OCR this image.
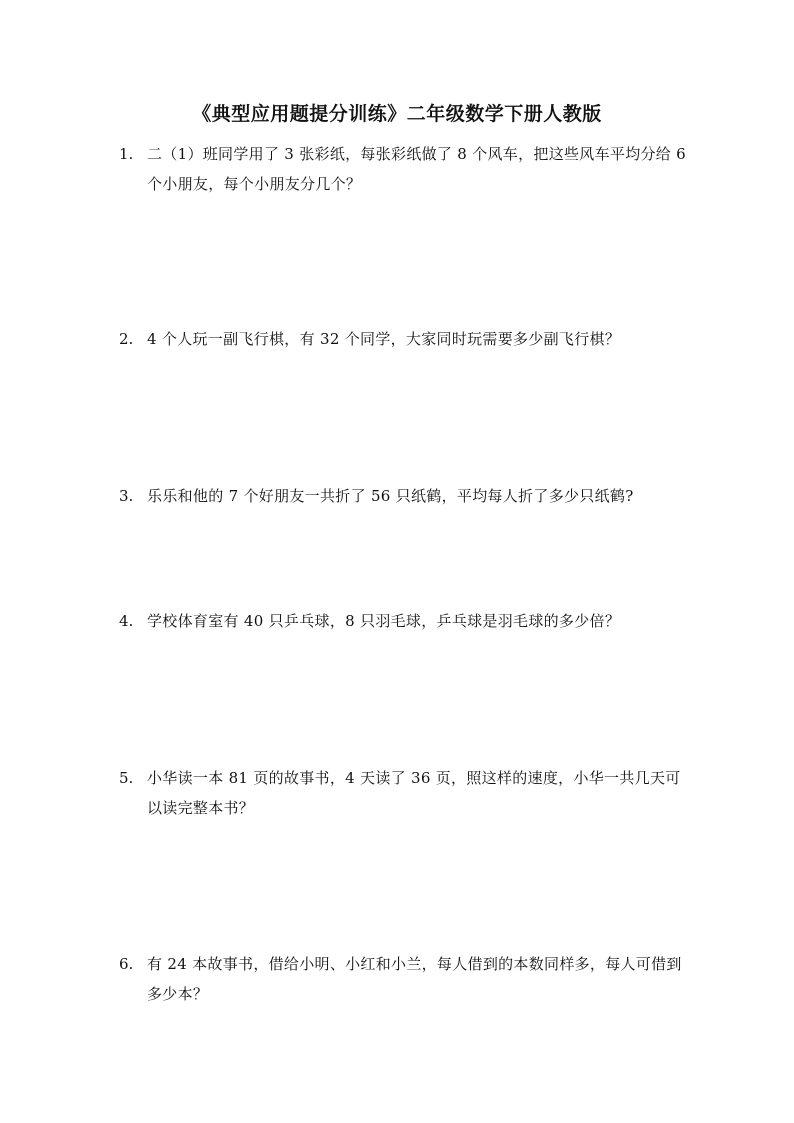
《典型应用题提分训练》二年级数学下册人教版
1. 二（1）班同学用了 3 张彩纸，每张彩纸做了 8 个风车，把这些风车平均分给 6 个小朋友，每个小朋友分几个？
2. 4 个人玩一副飞行棋，有 32 个同学，大家同时玩需要多少副飞行棋？
3. 乐乐和他的 7 个好朋友一共折了 56 只纸鹤，平均每人折了多少只纸鹤?
4. 学校体育室有 40 只乒乓球，8 只羽毛球，乒乓球是羽毛球的多少倍？
5. 小华读一本 81 页的故事书，4 天读了 36 页，照这样的速度，小华一共几天可以读完整本书？
6. 有 24 本故事书，借给小明、小红和小兰，每人借到的本数同样多，每人可借到多少本？
